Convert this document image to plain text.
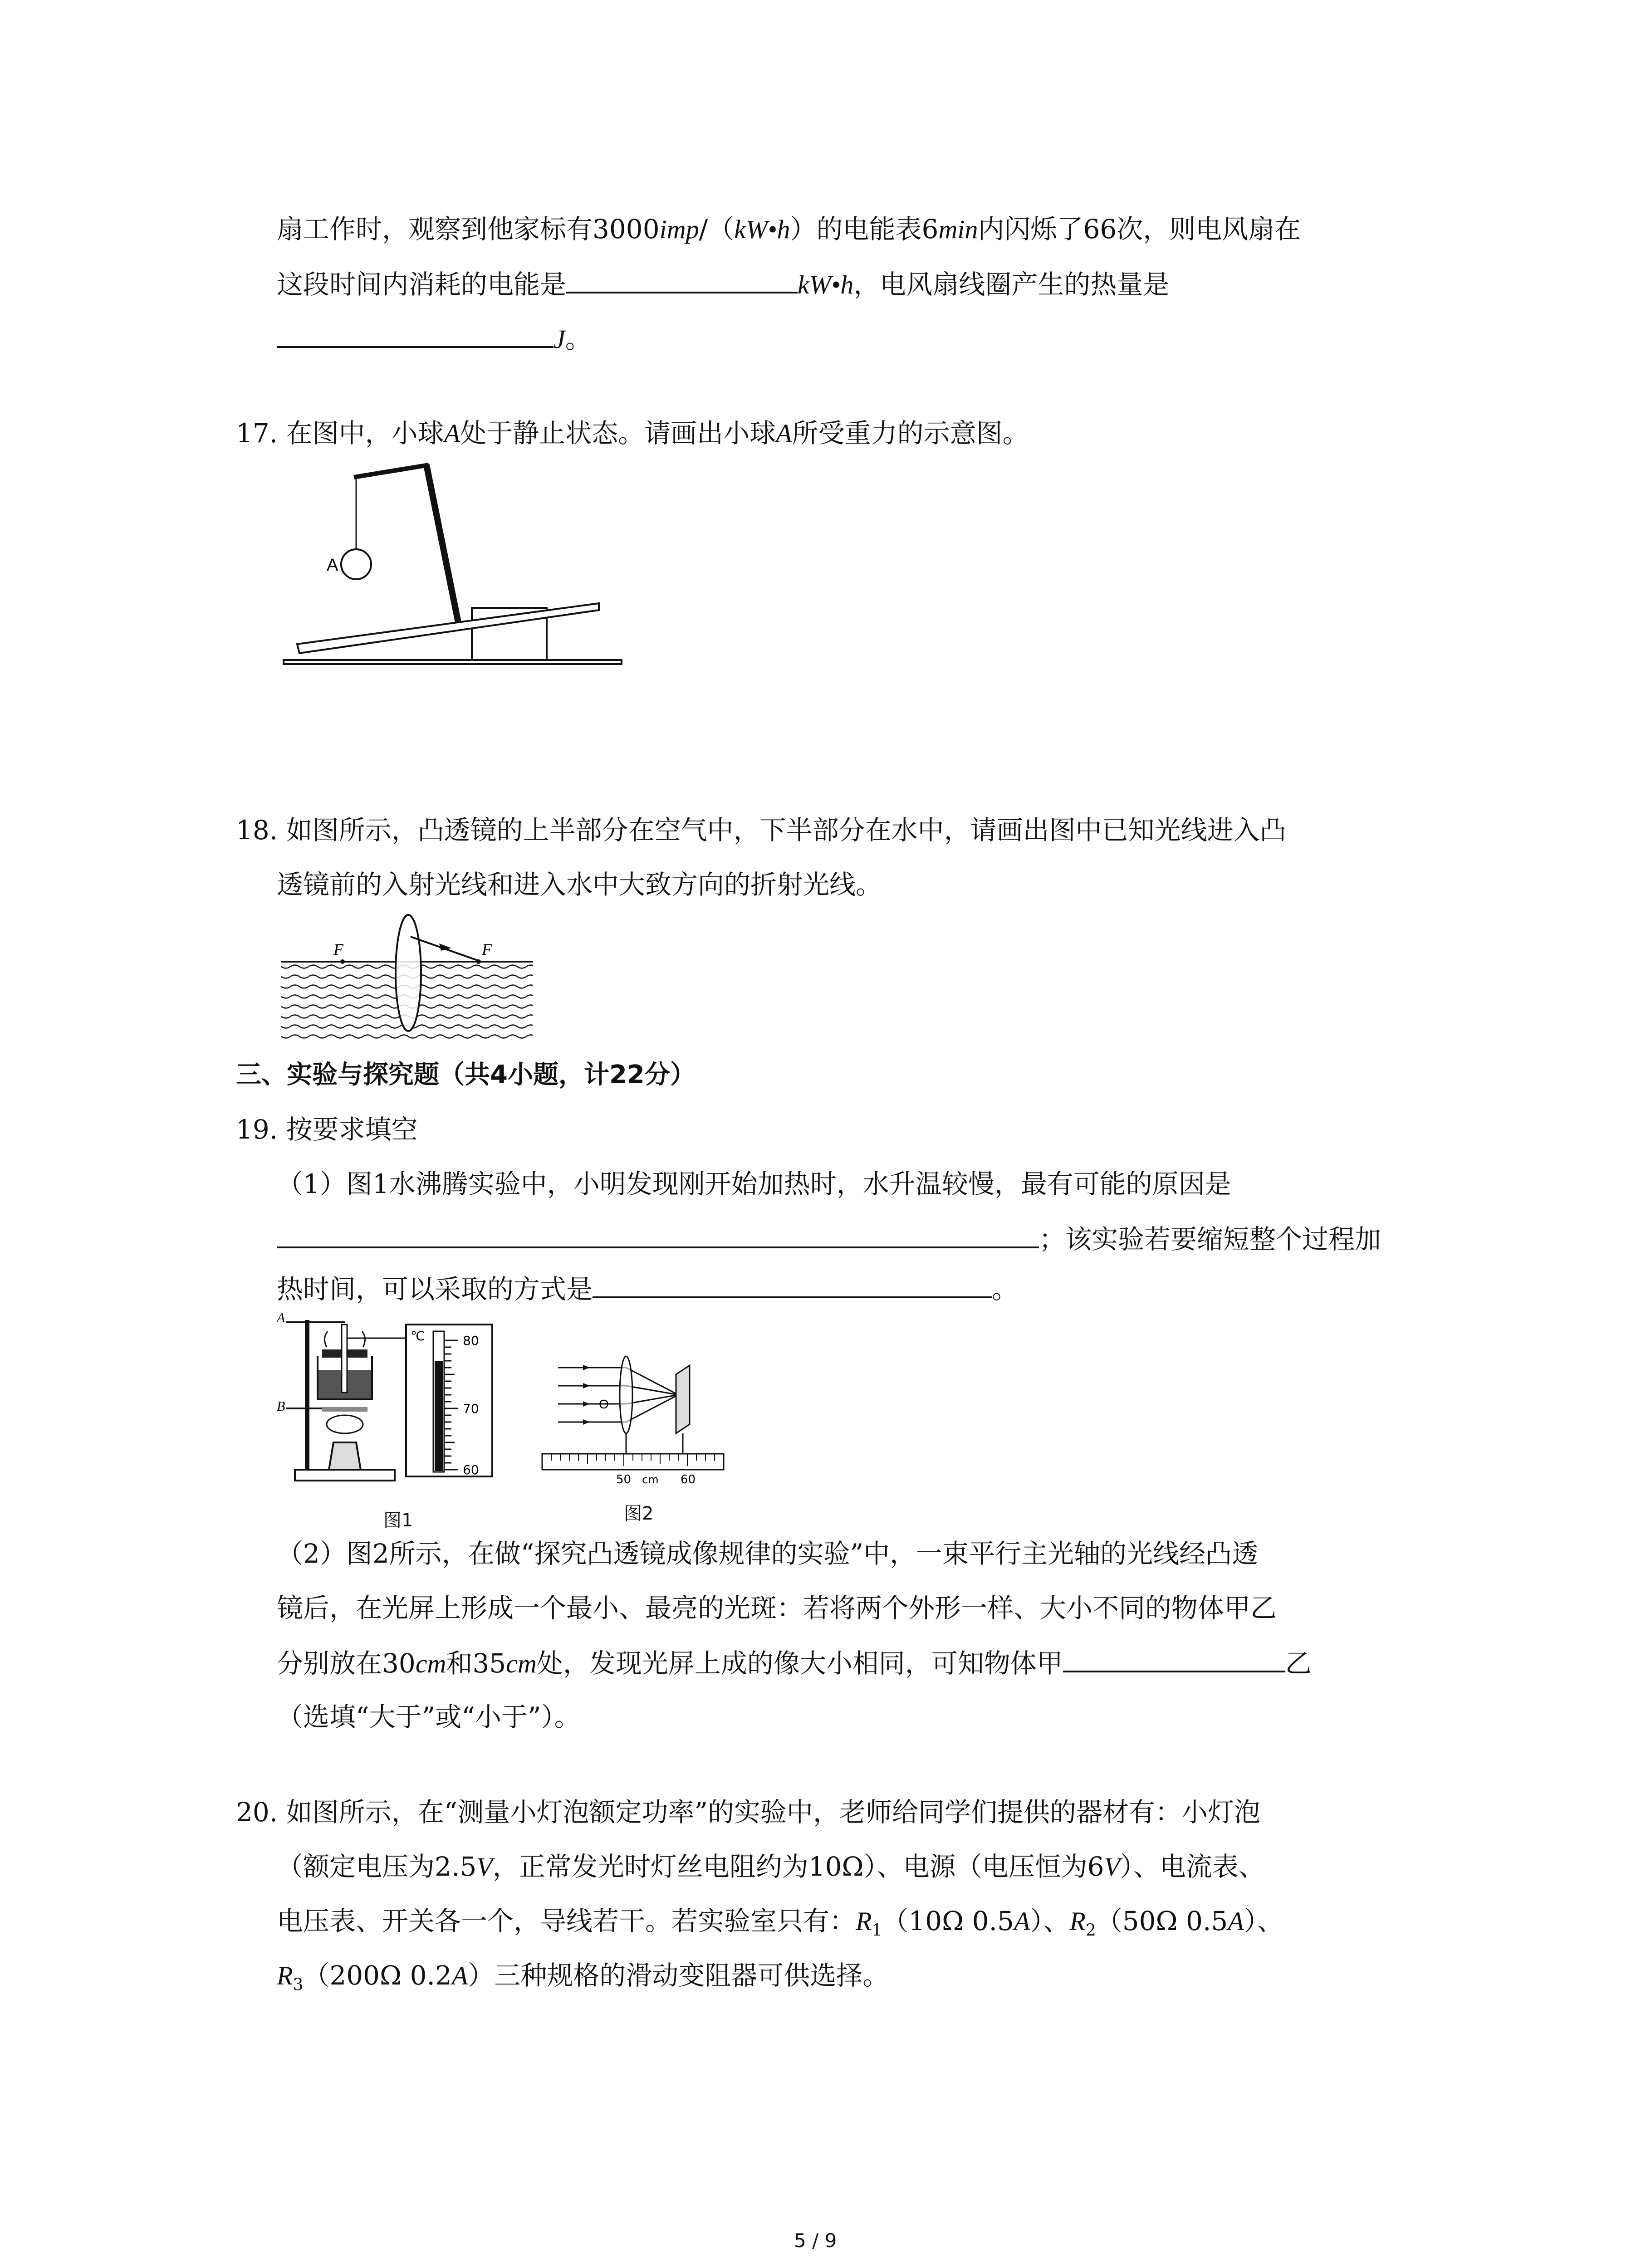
扇工作时，观察到他家标有3000imp/（kW•h）的电能表6min内闪烁了66次，则电风扇在
这段时间内消耗的电能是	kW•h，电风扇线圈产生的热量是
J。
17. 在图中，小球A处于静止状态。请画出小球A所受重力的示意图。
A
18. 如图所示，凸透镜的上半部分在空气中，下半部分在水中，请画出图中已知光线进入凸
透镜前的入射光线和进入水中大致方向的折射光线。
F	F
三、实验与探究题（共4小题，计22分）
19. 按要求填空
（1）图1水沸腾实验中，小明发现刚开始加热时，水升温较慢，最有可能的原因是
；该实验若要缩短整个过程加
热时间，可以采取的方式是	。
A
B
℃	80
70
60
图1
O
50 cm 60
图2
（2）图2所示，在做“探究凸透镜成像规律的实验”中，一束平行主光轴的光线经凸透
镜后，在光屏上形成一个最小、最亮的光斑：若将两个外形一样、大小不同的物体甲乙
分别放在30cm和35cm处，发现光屏上成的像大小相同，可知物体甲	乙
（选填“大于”或“小于”）。
20. 如图所示，在“测量小灯泡额定功率”的实验中，老师给同学们提供的器材有：小灯泡
（额定电压为2.5V，正常发光时灯丝电阻约为10Ω）、电源（电压恒为6V）、电流表、
电压表、开关各一个，导线若干。若实验室只有：$R_1(10\Omega$ 0.5A）、$R_2(50\Omega$ 0.5A）、
$R_3(200\Omega$ 0.2A）三种规格的滑动变阻器可供选择。
5 / 9
